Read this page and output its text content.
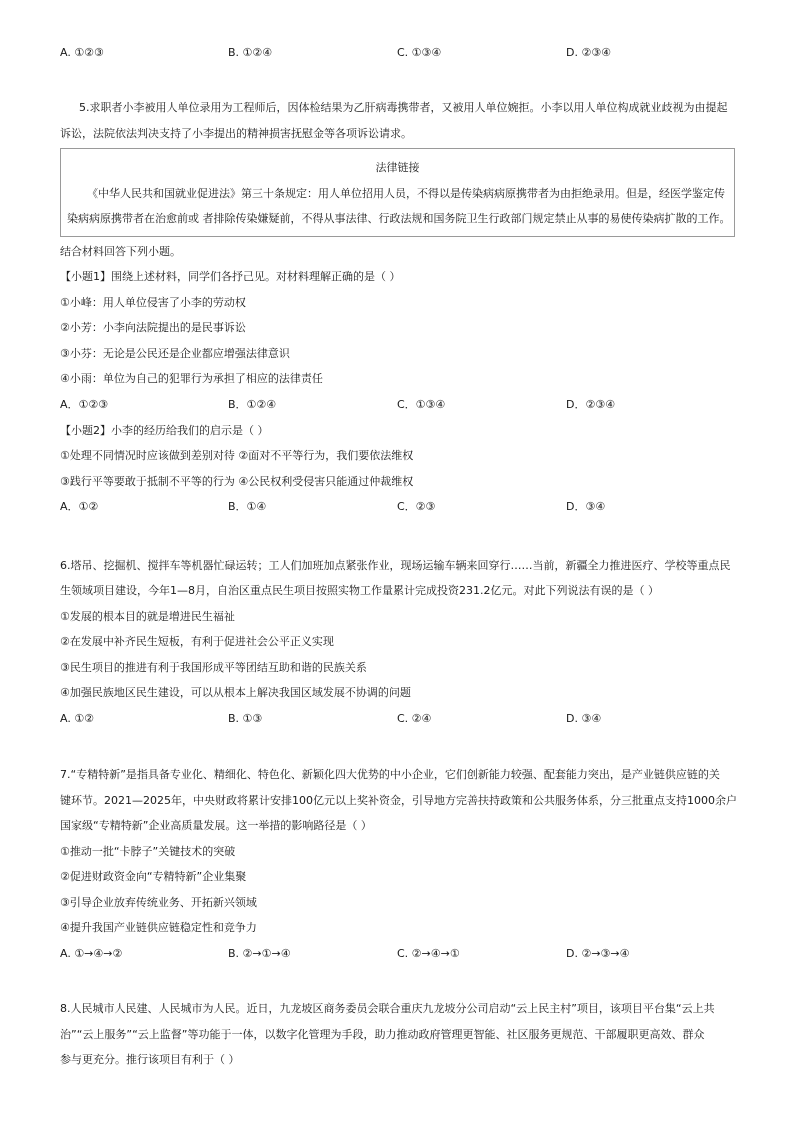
A. ①②③	B. ①②④	C. ①③④	D. ②③④
5.求职者小李被用人单位录用为工程师后，因体检结果为乙肝病毒携带者，又被用人单位婉拒。小李以用人单位构成就业歧视为由提起
诉讼，法院依法判决支持了小李提出的精神损害抚慰金等各项诉讼请求。
法律链接
《中华人民共和国就业促进法》第三十条规定：用人单位招用人员，不得以是传染病病原携带者为由拒绝录用。但是，经医学鉴定传
染病病原携带者在治愈前或 者排除传染嫌疑前，不得从事法律、行政法规和国务院卫生行政部门规定禁止从事的易使传染病扩散的工作。
结合材料回答下列小题。
【小题1】围绕上述材料，同学们各抒己见。对材料理解正确的是（ ）
①小峰：用人单位侵害了小李的劳动权
②小芳：小李向法院提出的是民事诉讼
③小芬：无论是公民还是企业都应增强法律意识
④小雨：单位为自己的犯罪行为承担了相应的法律责任
A．①②③	B．①②④	C．①③④	D．②③④
【小题2】小李的经历给我们的启示是（ ）
①处理不同情况时应该做到差别对待 ②面对不平等行为，我们要依法维权
③践行平等要敢于抵制不平等的行为 ④公民权利受侵害只能通过仲裁维权
A．①②	B．①④	C．②③	D．③④
6.塔吊、挖掘机、搅拌车等机器忙碌运转；工人们加班加点紧张作业，现场运输车辆来回穿行……当前，新疆全力推进医疗、学校等重点民
生领域项目建设，今年1—8月，自治区重点民生项目按照实物工作量累计完成投资231.2亿元。对此下列说法有误的是（ ）
①发展的根本目的就是增进民生福祉
②在发展中补齐民生短板，有利于促进社会公平正义实现
③民生项目的推进有利于我国形成平等团结互助和谐的民族关系
④加强民族地区民生建设，可以从根本上解决我国区域发展不协调的问题
A. ①②	B. ①③	C. ②④	D. ③④
7.“专精特新”是指具备专业化、精细化、特色化、新颖化四大优势的中小企业，它们创新能力较强、配套能力突出，是产业链供应链的关
键环节。2021—2025年，中央财政将累计安排100亿元以上奖补资金，引导地方完善扶持政策和公共服务体系，分三批重点支持1000余户
国家级“专精特新”企业高质量发展。这一举措的影响路径是（ ）
①推动一批“卡脖子”关键技术的突破
②促进财政资金向“专精特新”企业集聚
③引导企业放弃传统业务、开拓新兴领域
④提升我国产业链供应链稳定性和竞争力
A. ①→④→②	B. ②→①→④	C. ②→④→①	D. ②→③→④
8.人民城市人民建、人民城市为人民。近日，九龙坡区商务委员会联合重庆九龙坡分公司启动“云上民主村”项目，该项目平台集“云上共
治”“云上服务”“云上监督”等功能于一体，以数字化管理为手段，助力推动政府管理更智能、社区服务更规范、干部履职更高效、群众
参与更充分。推行该项目有利于（ ）
